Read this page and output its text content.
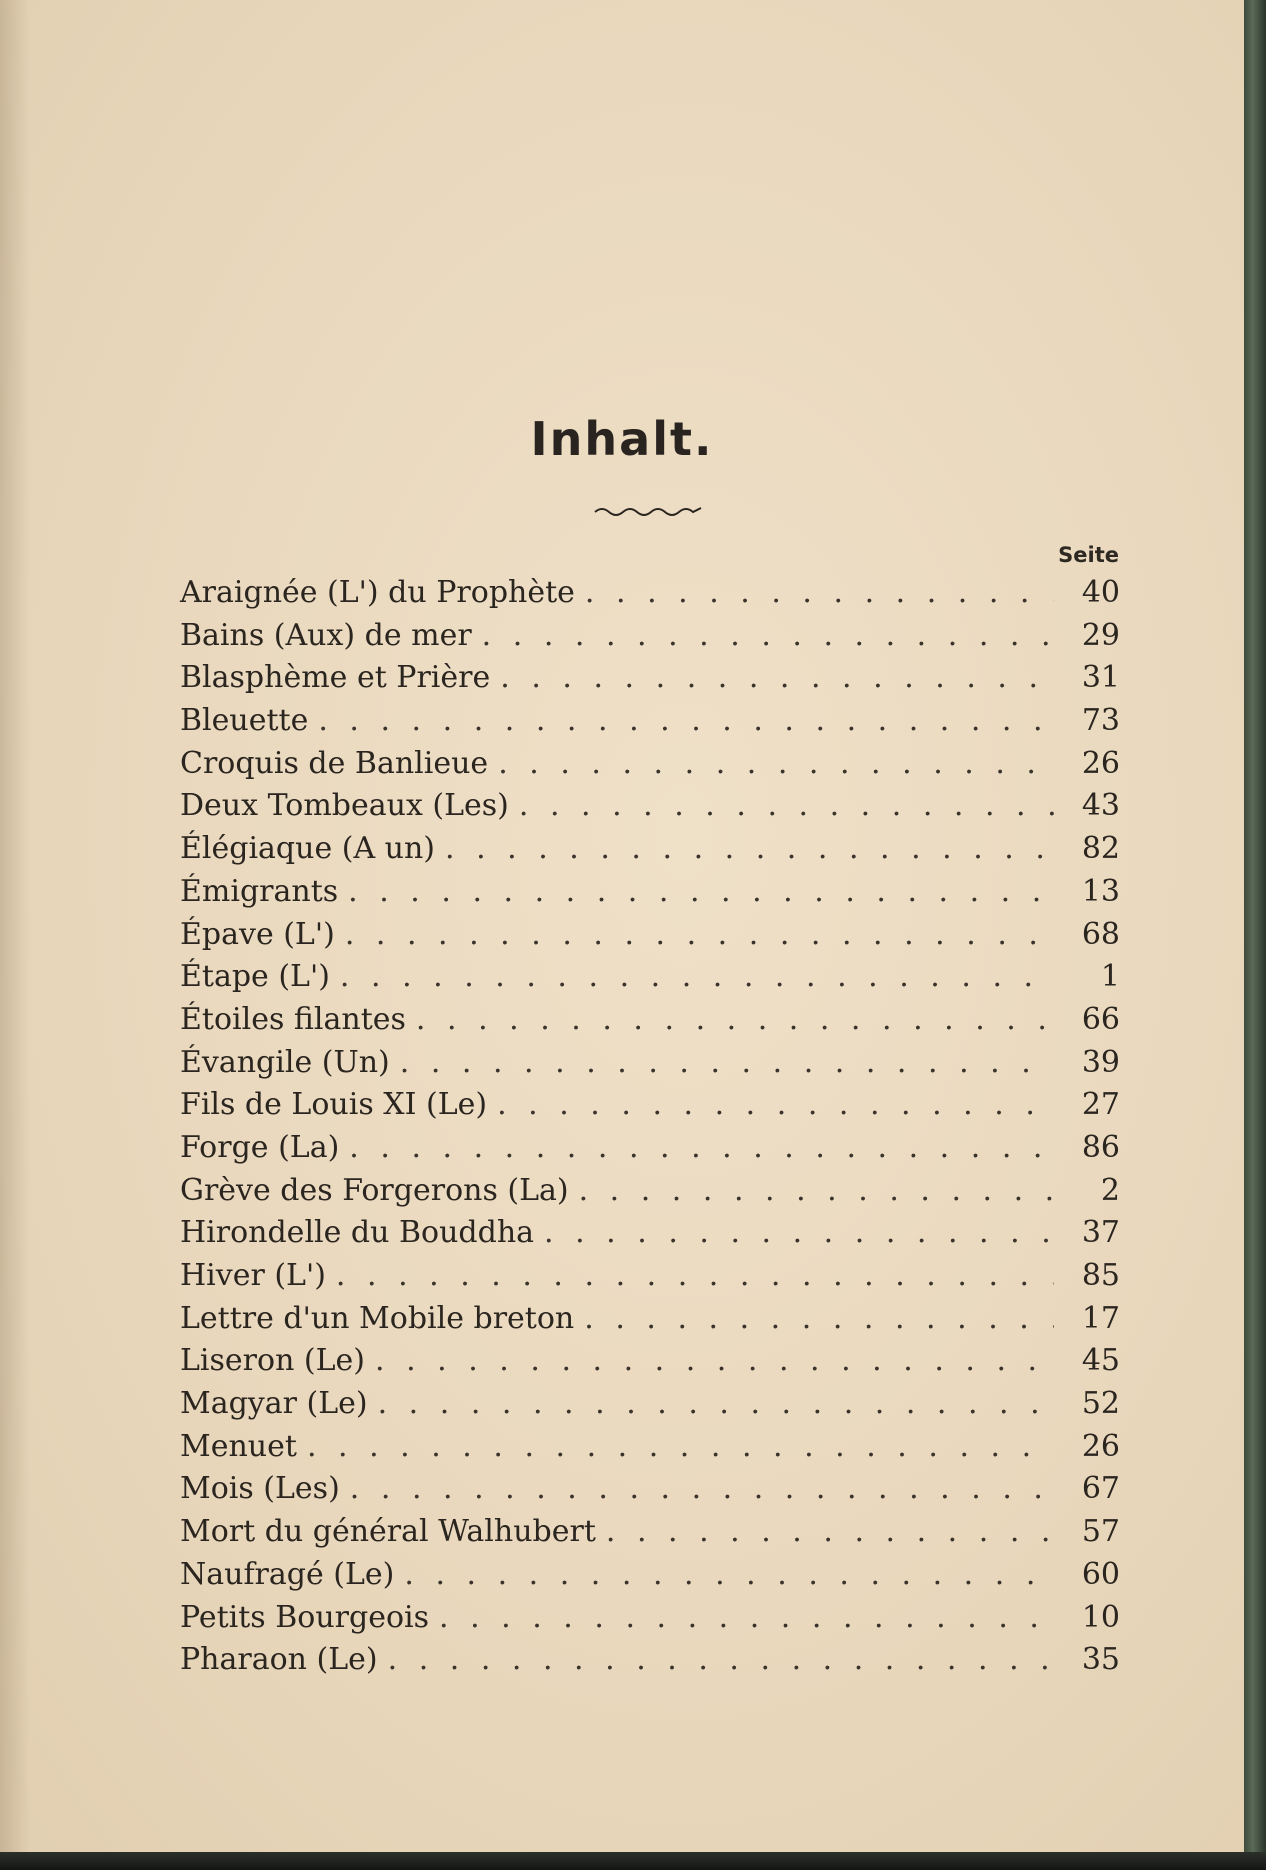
Inhalt.
Seite
Araignée (L') du Prophète . . .	40
Bains (Aux) de mer . . .	29
Blasphème et Prière . . .	31
Bleuette . . .	73
Croquis de Banlieue . . .	26
Deux Tombeaux (Les) . . .	43
Élégiaque (A un) . . .	82
Émigrants . . .	13
Épave (L') . . .	68
Étape (L') . . .	1
Étoiles filantes . . .	66
Évangile (Un) . . .	39
Fils de Louis XI (Le) . . .	27
Forge (La) . . .	86
Grève des Forgerons (La) . . .	2
Hirondelle du Bouddha . . .	37
Hiver (L') . . .	85
Lettre d'un Mobile breton . . .	17
Liseron (Le) . . .	45
Magyar (Le) . . .	52
Menuet . . .	26
Mois (Les) . . .	67
Mort du général Walhubert . . .	57
Naufragé (Le) . . .	60
Petits Bourgeois . . .	10
Pharaon (Le) . . .	35
